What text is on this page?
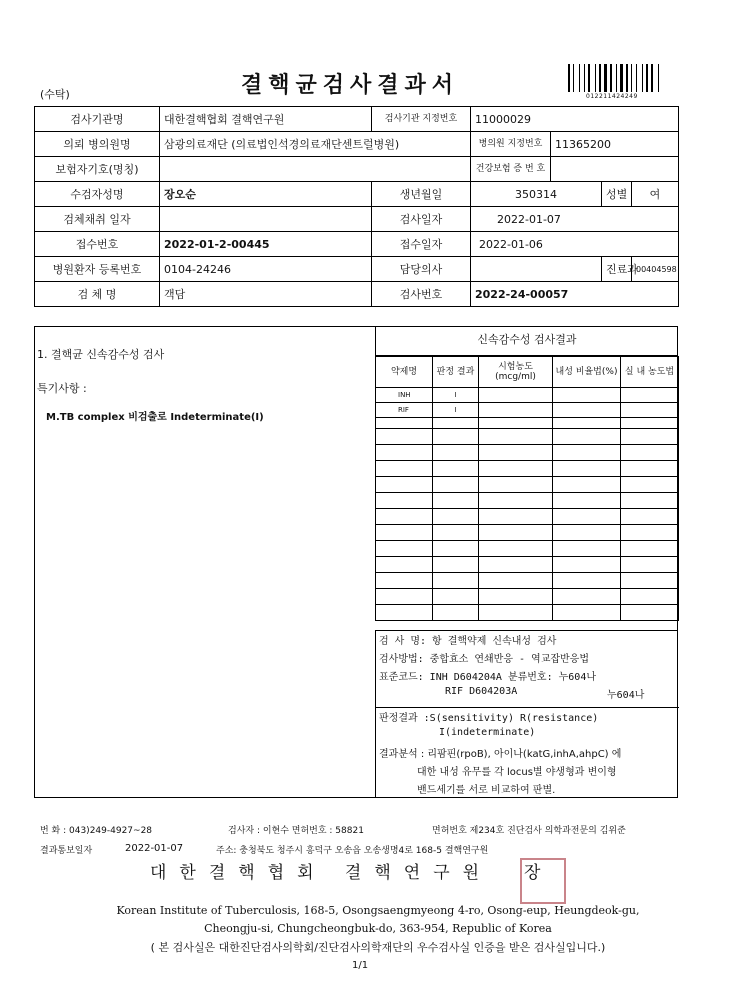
(수탁)	결핵균검사결과서	012211424249
검사기관명	대한결핵협회 결핵연구원	검사기관 지정번호	11000029			
의뢰 병의원명	삼광의료재단 (의료법인석경의료재단센트럴병원)		병의원 지정번호	11365200		
보험자기호(명칭)			건강보험 증 번 호			
수검자성명	장오순	생년월일	350314		성별	여
검체채취 일자		검사일자	2022-01-07			
접수번호	2022-01-2-00445	접수일자	2022-01-06			
병원환자 등록번호	0104-24246	담당의사			진료과	00404598
검 체 명	객담	검사번호	2022-24-00057			
1. 결핵균 신속감수성 검사
특기사항 :
M.TB complex 비검출로 Indeterminate(I)
신속감수성 검사결과
약제명	판정 결과	시험농도 (mcg/ml)	내성 비율법(%)	실 내 농도법
INH	I			
RIF	I			

검 사 명: 항 결핵약제 신속내성 검사
검사방법: 중합효소 연쇄반응 - 역교잡반응법
표준코드: INH D604204A 분류번호: 누604나
RIF D604203A	누604나
판정결과 :S(sensitivity) R(resistance)
I(indeterminate)
결과분석 : 리팜핀(rpoB), 아이나(katG,inhA,ahpC) 에
대한 내성 유무를 각 locus별 야생형과 변이형
밴드세기를 서로 비교하여 판별.
번 화 : 043)249-4927~28	검사자 : 이현수 면허번호 : 58821	면허번호 제234호 진단검사 의학과전문의 김위준
결과통보일자	2022-01-07	주소: 충청북도 청주시 흥덕구 오송읍 오송생명4로 168-5 결핵연구원
대한결핵협회 결핵연구원 장
Korean Institute of Tuberculosis, 168-5, Osongsaengmyeong 4-ro, Osong-eup, Heungdeok-gu,
Cheongju-si, Chungcheongbuk-do, 363-954, Republic of Korea
( 본 검사실은 대한진단검사의학회/진단검사의학재단의 우수검사실 인증을 받은 검사실입니다.)
1/1
